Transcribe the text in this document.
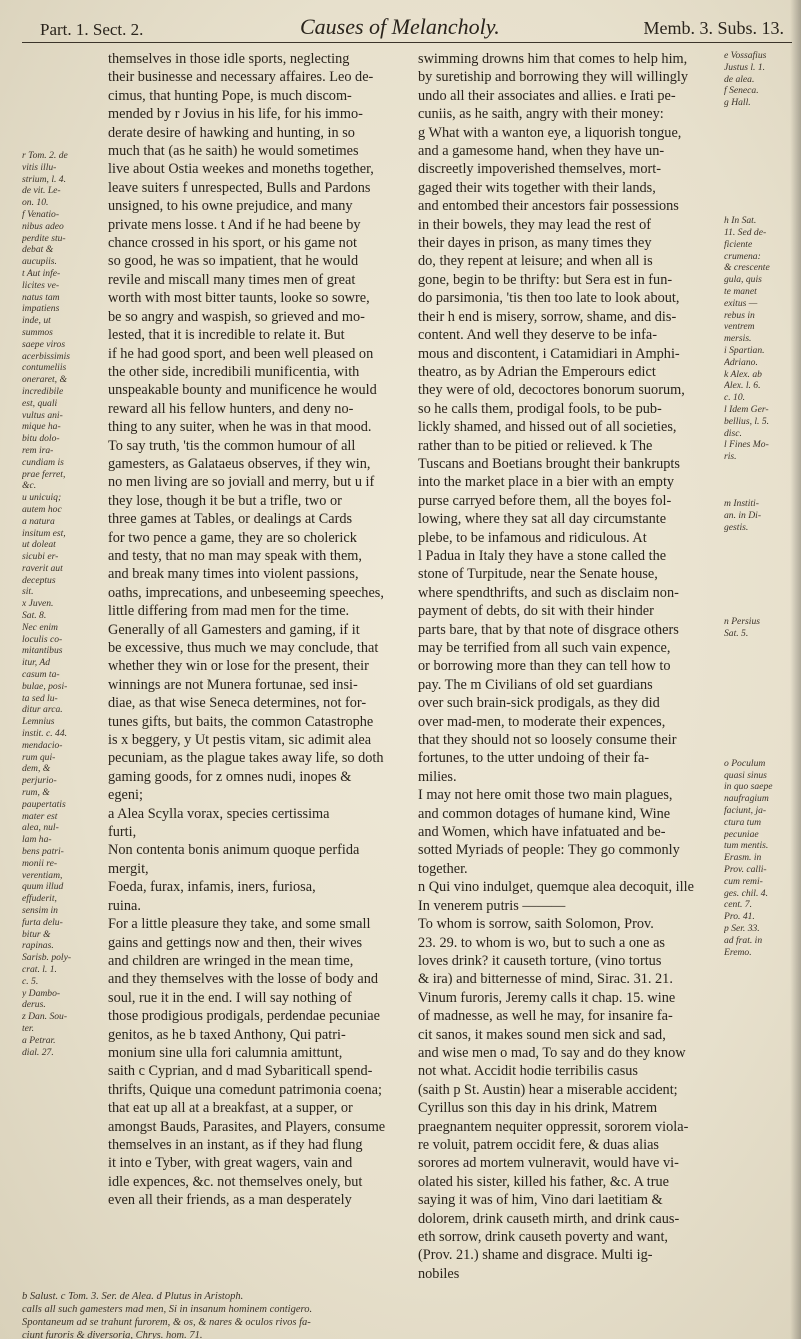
Part. 1. Sect. 2.	Causes of Melancholy.	Memb. 3. Subs. 13.
r Tom. 2. de
vitis illu-
strium, l. 4.
de vit. Le-
on. 10.
f Venatio-
nibus adeo
perdite stu-
debat &
aucupiis.
t Aut infe-
licites ve-
natus tam
impatiens
inde, ut
summos
saepe viros
acerbissimis
contumeliis
oneraret, &
incredibile
est, quali
vultus ani-
mique ha-
bitu dolo-
rem ira-
cundiam is
prae ferret,
&c.
u unicuiq;
autem hoc
a natura
insitum est,
ut doleat
sicubi er-
raverit aut
deceptus
sit.
x Juven.
Sat. 8.
Nec enim
loculis co-
mitantibus
itur, Ad
casum ta-
bulae, posi-
ta sed lu-
ditur arca.
Lemnius
instit. c. 44.
mendacio-
rum qui-
dem, &
perjurio-
rum, &
paupertatis
mater est
alea, nul-
lam ha-
bens patri-
monii re-
verentiam,
quum illud
effuderit,
sensim in
furta delu-
bitur &
rapinas.
Sarisb. poly-
crat. l. 1.
c. 5.
y Dambo-
derus.
z Dan. Sou-
ter.
a Petrar.
dial. 27.
themselves in those idle sports, neglecting
their businesse and necessary affaires. Leo de-
cimus, that hunting Pope, is much discom-
mended by r Jovius in his life, for his immo-
derate desire of hawking and hunting, in so
much that (as he saith) he would sometimes
live about Ostia weekes and moneths together,
leave suiters f unrespected, Bulls and Pardons
unsigned, to his owne prejudice, and many
private mens losse. t And if he had beene by
chance crossed in his sport, or his game not
so good, he was so impatient, that he would
revile and miscall many times men of great
worth with most bitter taunts, looke so sowre,
be so angry and waspish, so grieved and mo-
lested, that it is incredible to relate it. But
if he had good sport, and been well pleased on
the other side, incredibili munificentia, with
unspeakable bounty and munificence he would
reward all his fellow hunters, and deny no-
thing to any suiter, when he was in that mood.
To say truth, 'tis the common humour of all
gamesters, as Galataeus observes, if they win,
no men living are so joviall and merry, but u if
they lose, though it be but a trifle, two or
three games at Tables, or dealings at Cards
for two pence a game, they are so cholerick
and testy, that no man may speak with them,
and break many times into violent passions,
oaths, imprecations, and unbeseeming speeches,
little differing from mad men for the time.
Generally of all Gamesters and gaming, if it
be excessive, thus much we may conclude, that
whether they win or lose for the present, their
winnings are not Munera fortunae, sed insi-
diae, as that wise Seneca determines, not for-
tunes gifts, but baits, the common Catastrophe
is x beggery, y Ut pestis vitam, sic adimit alea
pecuniam, as the plague takes away life, so doth
gaming goods, for z omnes nudi, inopes &
egeni;
a Alea Scylla vorax, species certissima
furti,
Non contenta bonis animum quoque perfida
mergit,
Foeda, furax, infamis, iners, furiosa,
ruina.
For a little pleasure they take, and some small
gains and gettings now and then, their wives
and children are wringed in the mean time,
and they themselves with the losse of body and
soul, rue it in the end. I will say nothing of
those prodigious prodigals, perdendae pecuniae
genitos, as he b taxed Anthony, Qui patri-
monium sine ulla fori calumnia amittunt,
saith c Cyprian, and d mad Sybariticall spend-
thrifts, Quique una comedunt patrimonia coena;
that eat up all at a breakfast, at a supper, or
amongst Bauds, Parasites, and Players, consume
themselves in an instant, as if they had flung
it into e Tyber, with great wagers, vain and
idle expences, &c. not themselves onely, but
even all their friends, as a man desperately
swimming drowns him that comes to help him,
by suretiship and borrowing they will willingly
undo all their associates and allies. e Irati pe-
cuniis, as he saith, angry with their money:
g What with a wanton eye, a liquorish tongue,
and a gamesome hand, when they have un-
discreetly impoverished themselves, mort-
gaged their wits together with their lands,
and entombed their ancestors fair possessions
in their bowels, they may lead the rest of
their dayes in prison, as many times they
do, they repent at leisure; and when all is
gone, begin to be thrifty: but Sera est in fun-
do parsimonia, 'tis then too late to look about,
their h end is misery, sorrow, shame, and dis-
content. And well they deserve to be infa-
mous and discontent, i Catamidiari in Amphi-
theatro, as by Adrian the Emperours edict
they were of old, decoctores bonorum suorum,
so he calls them, prodigal fools, to be pub-
lickly shamed, and hissed out of all societies,
rather than to be pitied or relieved. k The
Tuscans and Boetians brought their bankrupts
into the market place in a bier with an empty
purse carryed before them, all the boyes fol-
lowing, where they sat all day circumstante
plebe, to be infamous and ridiculous. At
l Padua in Italy they have a stone called the
stone of Turpitude, near the Senate house,
where spendthrifts, and such as disclaim non-
payment of debts, do sit with their hinder
parts bare, that by that note of disgrace others
may be terrified from all such vain expence,
or borrowing more than they can tell how to
pay. The m Civilians of old set guardians
over such brain-sick prodigals, as they did
over mad-men, to moderate their expences,
that they should not so loosely consume their
fortunes, to the utter undoing of their fa-
milies.
I may not here omit those two main plagues,
and common dotages of humane kind, Wine
and Women, which have infatuated and be-
sotted Myriads of people: They go commonly
together.
n Qui vino indulget, quemque alea decoquit, ille
In venerem putris ———
To whom is sorrow, saith Solomon, Prov.
23. 29. to whom is wo, but to such a one as
loves drink? it causeth torture, (vino tortus
& ira) and bitternesse of mind, Sirac. 31. 21.
Vinum furoris, Jeremy calls it chap. 15. wine
of madnesse, as well he may, for insanire fa-
cit sanos, it makes sound men sick and sad,
and wise men o mad, To say and do they know
not what. Accidit hodie terribilis casus
(saith p St. Austin) hear a miserable accident;
Cyrillus son this day in his drink, Matrem
praegnantem nequiter oppressit, sororem viola-
re voluit, patrem occidit fere, & duas alias
sorores ad mortem vulneravit, would have vi-
olated his sister, killed his father, &c. A true
saying it was of him, Vino dari laetitiam &
dolorem, drink causeth mirth, and drink caus-
eth sorrow, drink causeth poverty and want,
(Prov. 21.) shame and disgrace. Multi ig-
nobiles
e Vossafius
Justus l. 1.
de alea.
f Seneca.
g Hall.

h In Sat.
11. Sed de-
ficiente
crumena:
& crescente
gula, quis
te manet
exitus —
rebus in
ventrem
mersis.
i Spartian.
Adriano.
k Alex. ab
Alex. l. 6.
c. 10.
l Idem Ger-
bellius, l. 5.
disc.
l Fines Mo-
ris.

m Institi-
an. in Di-
gestis.

n Persius
Sat. 5.

o Poculum
quasi sinus
in quo saepe
naufragium
faciunt, ja-
ctura tum
pecuniae
tum mentis.
Erasm. in
Prov. calli-
cum remi-
ges. chil. 4.
cent. 7.
Pro. 41.
p Ser. 33.
ad frat. in
Eremo.
b Salust. c Tom. 3. Ser. de Alea. d Plutus in Aristoph.
calls all such gamesters mad men, Si in insanum hominem contigero.
Spontaneum ad se trahunt furorem, & os, & nares & oculos rivos fa-
ciunt furoris & diversoria, Chrys. hom. 71.
